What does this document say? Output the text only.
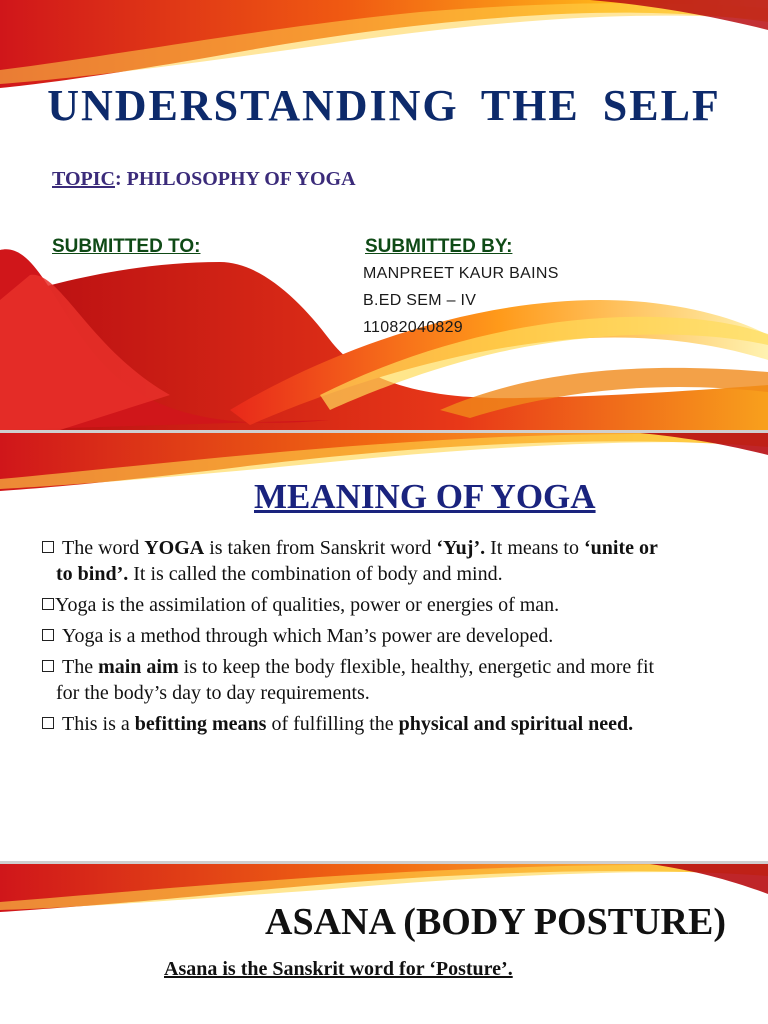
UNDERSTANDING THE SELF
TOPIC: PHILOSOPHY OF YOGA
SUBMITTED TO:	SUBMITTED BY:
MANPREET KAUR BAINS
B.ED SEM – IV
11082040829
MEANING OF YOGA
The word YOGA is taken from Sanskrit word ‘Yuj’. It means to ‘unite or
to bind’. It is called the combination of body and mind.
Yoga is the assimilation of qualities, power or energies of man.
Yoga is a method through which Man’s power are developed.
The main aim is to keep the body flexible, healthy, energetic and more fit
for the body’s day to day requirements.
This is a befitting means of fulfilling the physical and spiritual need.
ASANA (BODY POSTURE)
Asana is the Sanskrit word for ‘Posture’.
